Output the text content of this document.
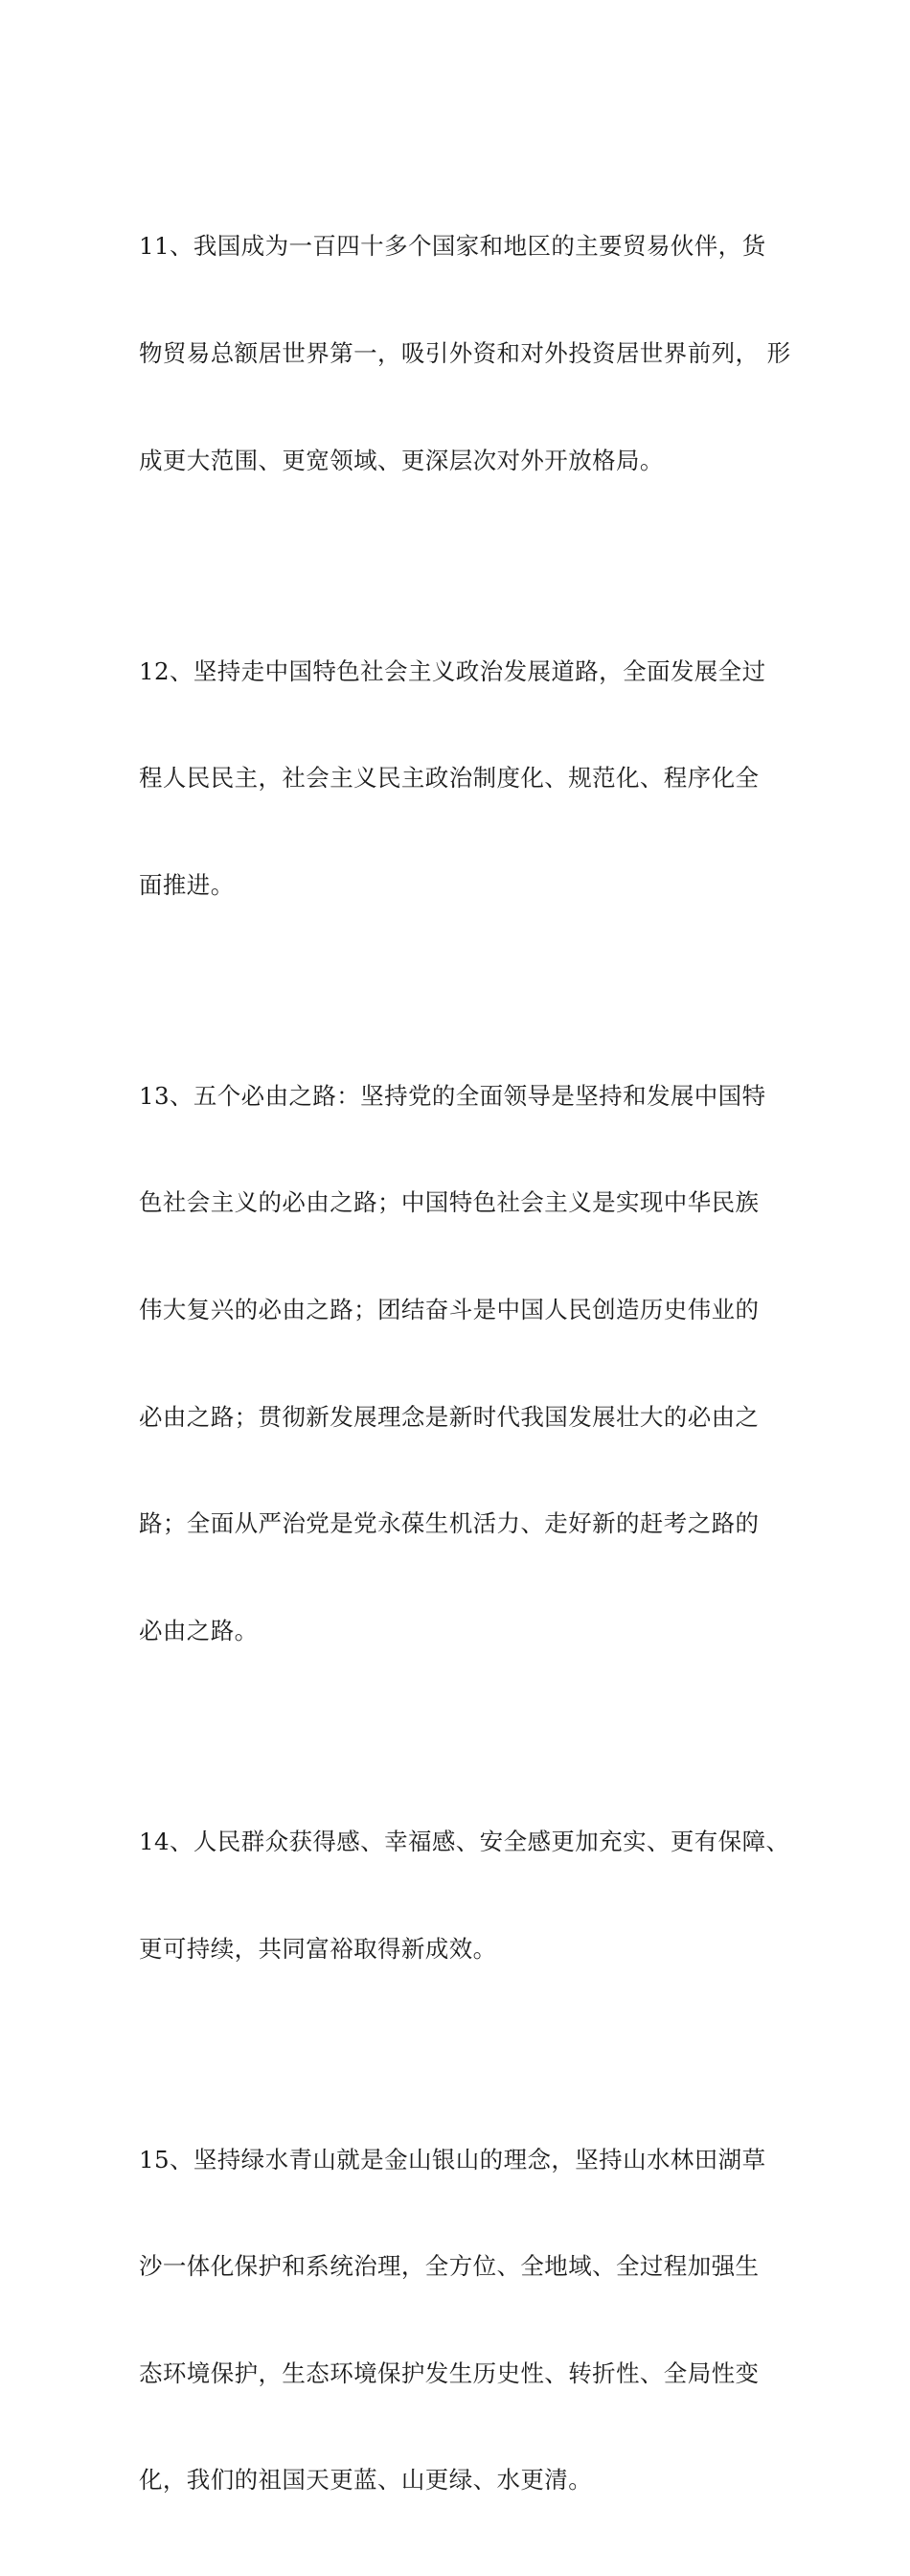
11、我国成为一百四十多个国家和地区的主要贸易伙伴，货

物贸易总额居世界第一，吸引外资和对外投资居世界前列， 形

成更大范围、更宽领域、更深层次对外开放格局。

12、坚持走中国特色社会主义政治发展道路，全面发展全过

程人民民主，社会主义民主政治制度化、规范化、程序化全

面推进。

13、五个必由之路：坚持党的全面领导是坚持和发展中国特

色社会主义的必由之路；中国特色社会主义是实现中华民族

伟大复兴的必由之路；团结奋斗是中国人民创造历史伟业的

必由之路；贯彻新发展理念是新时代我国发展壮大的必由之

路；全面从严治党是党永葆生机活力、走好新的赶考之路的

必由之路。

14、人民群众获得感、幸福感、安全感更加充实、更有保障、

更可持续，共同富裕取得新成效。

15、坚持绿水青山就是金山银山的理念，坚持山水林田湖草

沙一体化保护和系统治理，全方位、全地域、全过程加强生

态环境保护，生态环境保护发生历史性、转折性、全局性变

化，我们的祖国天更蓝、山更绿、水更清。
